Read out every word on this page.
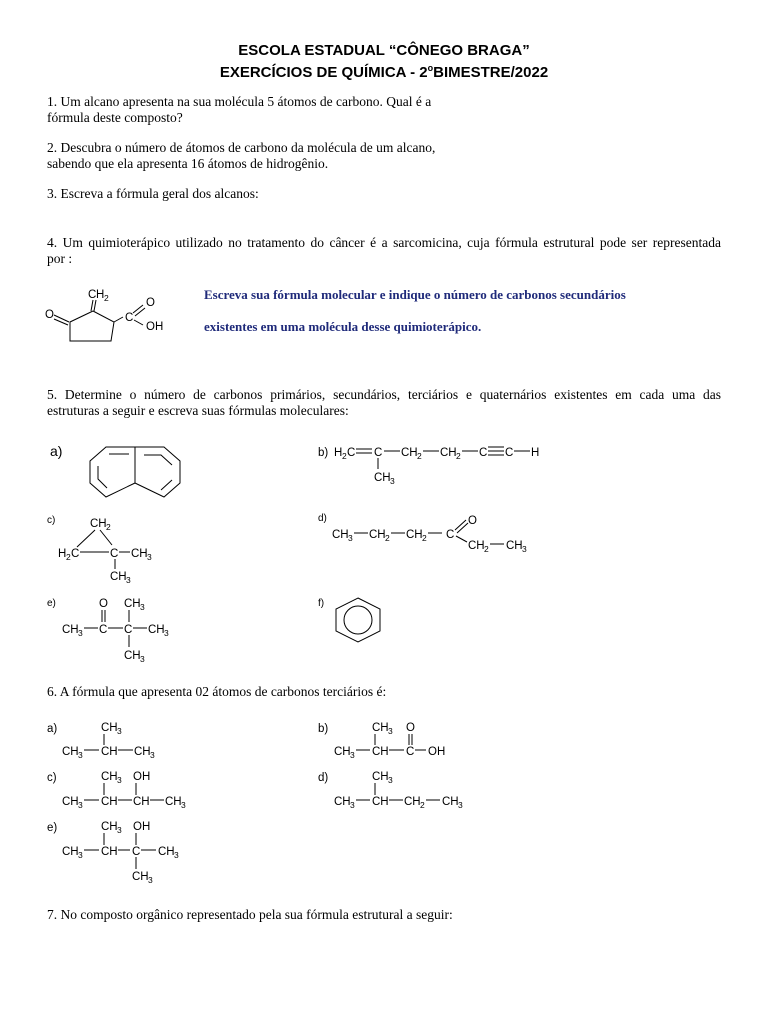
ESCOLA ESTADUAL “CÔNEGO BRAGA”
EXERCÍCIOS DE QUÍMICA - 2$^o$BIMESTRE/2022
1. Um alcano apresenta na sua molécula 5 átomos de carbono. Qual é a
fórmula deste composto?
2. Descubra o número de átomos de carbono da molécula de um alcano,
sabendo que ela apresenta 16 átomos de hidrogênio.
3. Escreva a fórmula geral dos alcanos:
4. Um quimioterápico utilizado no tratamento do câncer é a sarcomicina, cuja fórmula estrutural pode ser representada
por :
Escreva sua fórmula molecular e indique o número de carbonos secundários
existentes em uma molécula desse quimioterápico.
5. Determine o número de carbonos primários, secundários, terciários e quaternários existentes em cada uma das
estruturas a seguir e escreva suas fórmulas moleculares:
6. A fórmula que apresenta 02 átomos de carbonos terciários é:
7. No composto orgânico representado pela sua fórmula estrutural a seguir:
C H 2
O	C
O
OH
a)	b) H 2 C C
CH 3
CH 2 CH 2 C C H
c)	CH 2
H 2 C	C CH 3
CH 3
d)
CH 3 CH 2 CH 2 C
O
CH 2 CH 3
e)	O CH 3
CH 3 C C CH 3
CH 3
f)
a)	CH 3
CH 3 CH CH 3
b)	CH 3 O
CH 3 CH C OH
c)	CH 3 OH
CH 3 CH CH CH 3
d)	CH 3
CH 3 CH CH 2 CH 3
e)	CH 3 OH
CH 3 CH C CH 3
CH 3
